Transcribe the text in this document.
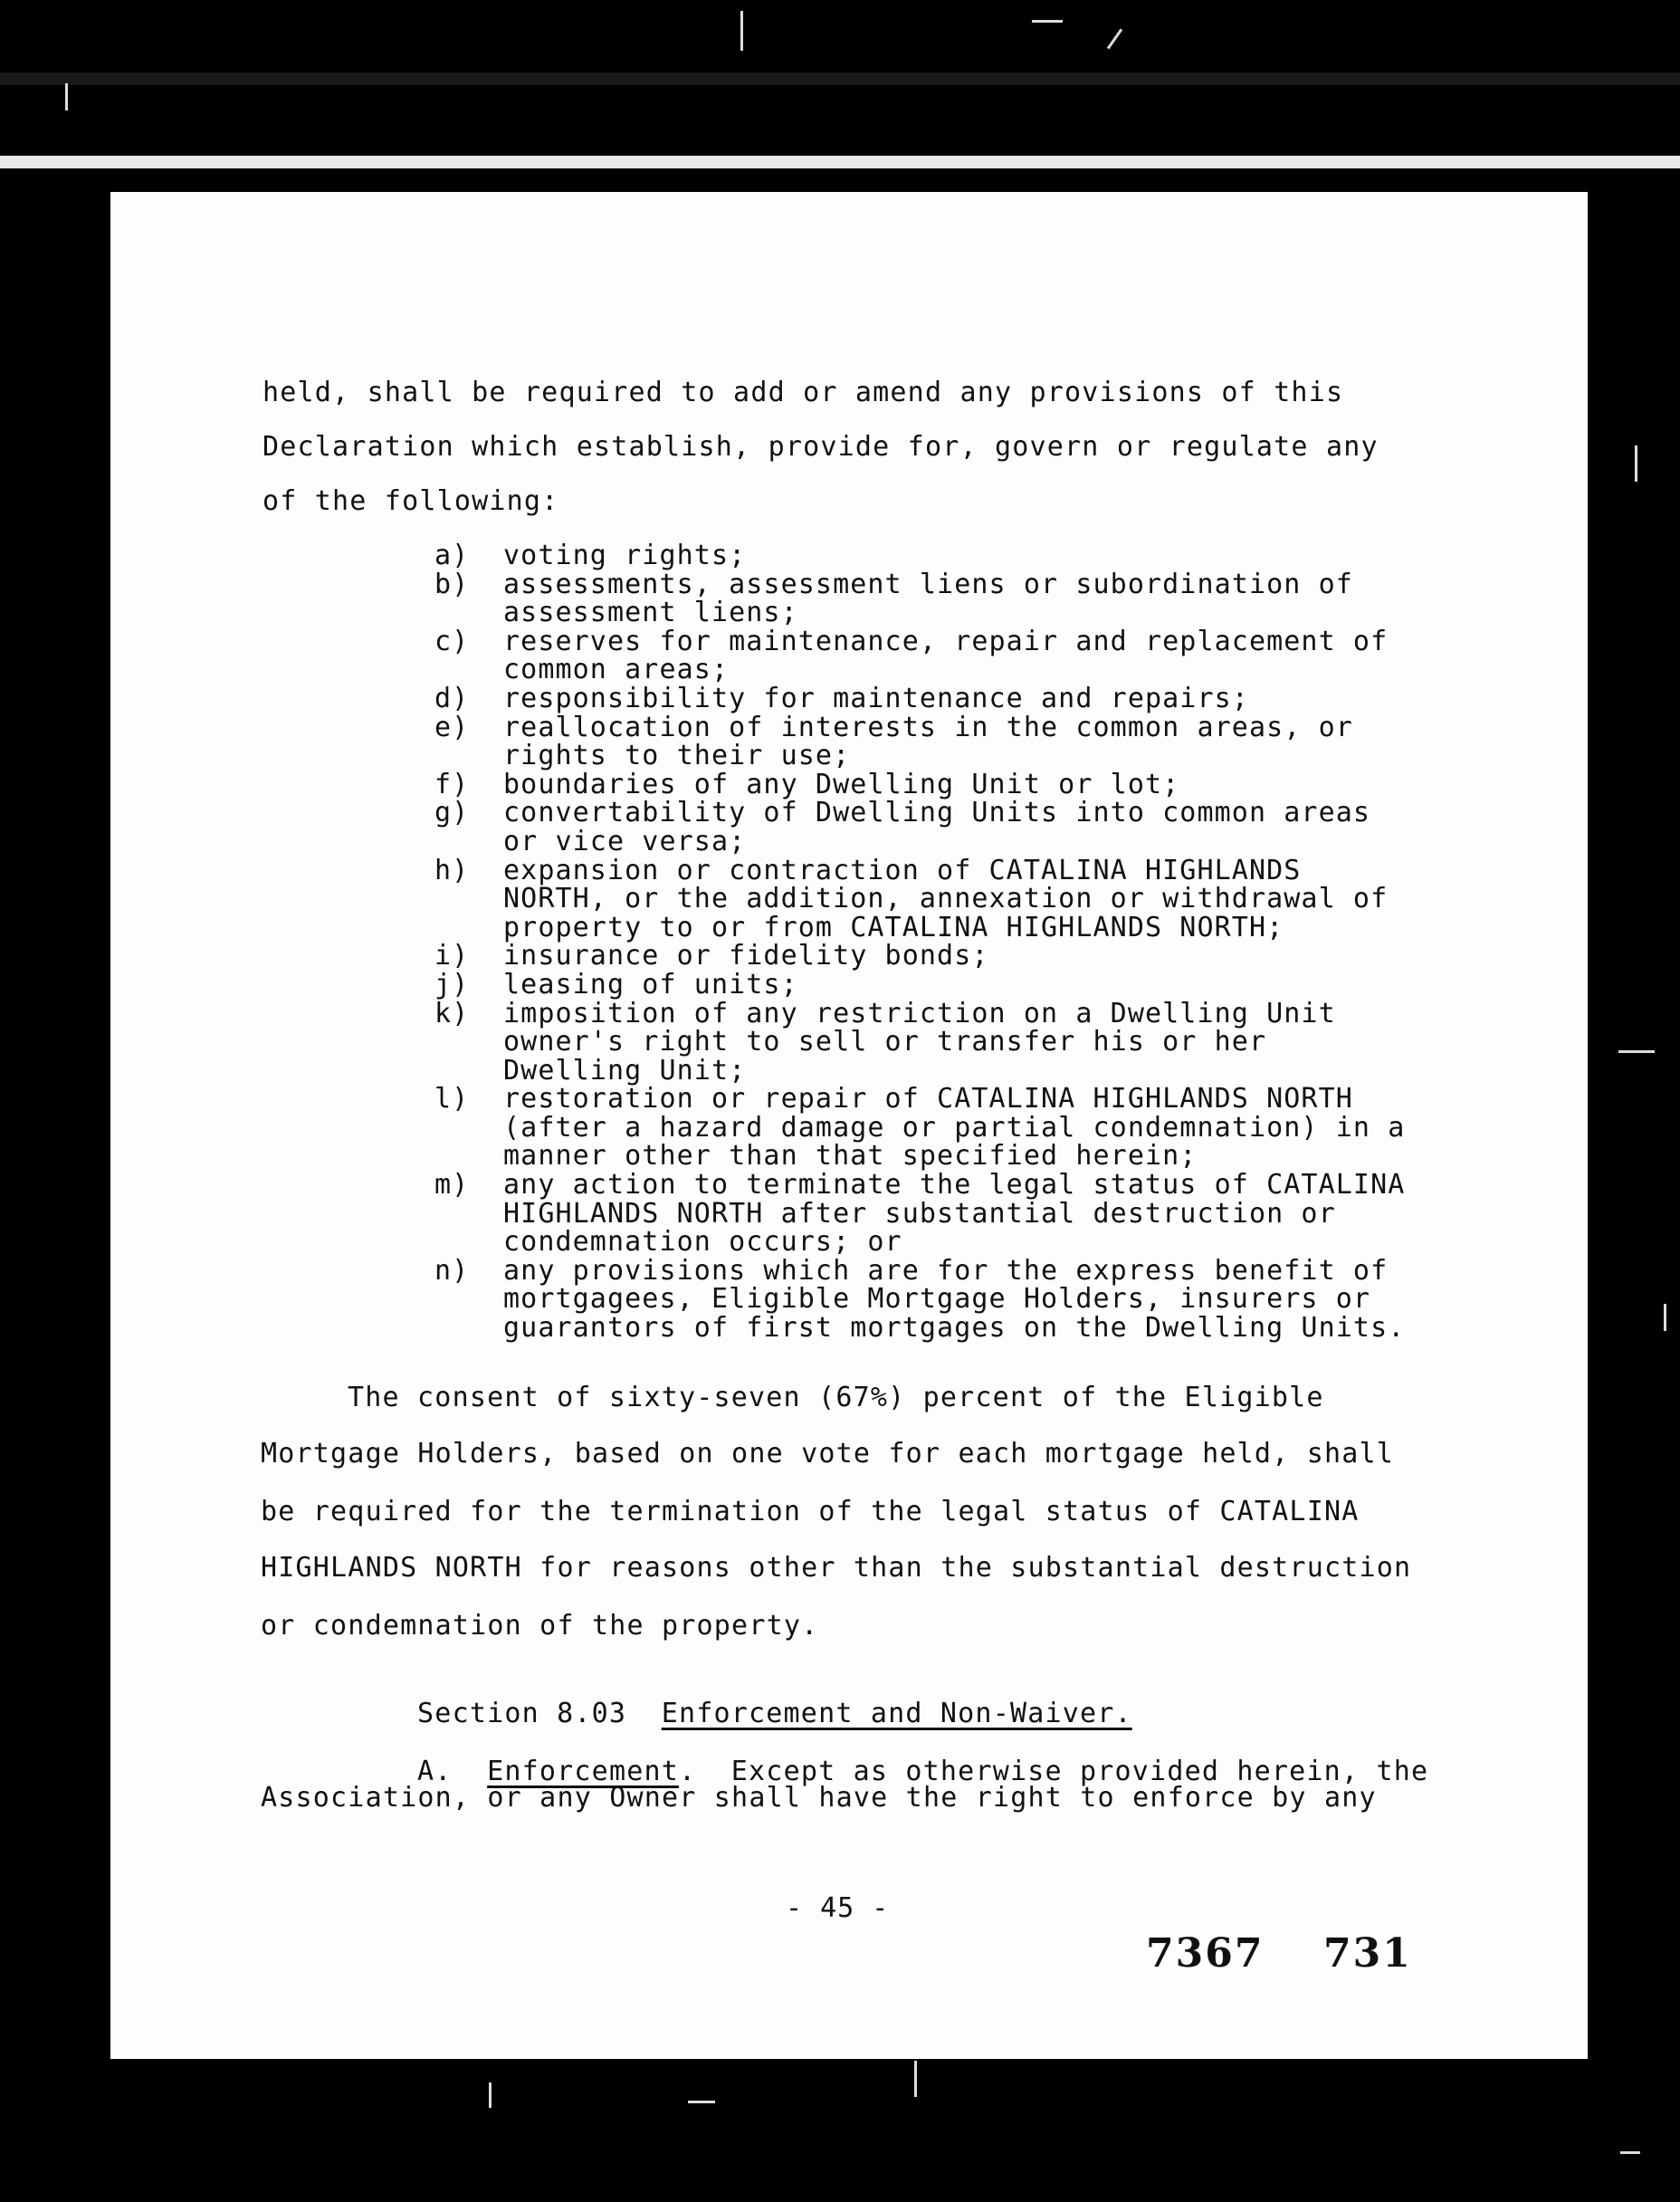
held, shall be required to add or amend any provisions of this
Declaration which establish, provide for, govern or regulate any
of the following:
a)	voting rights;
b)	assessments, assessment liens or subordination of
assessment liens;
c)	reserves for maintenance, repair and replacement of
common areas;
d)	responsibility for maintenance and repairs;
e)	reallocation of interests in the common areas, or
rights to their use;
f)	boundaries of any Dwelling Unit or lot;
g)	convertability of Dwelling Units into common areas
or vice versa;
h)	expansion or contraction of CATALINA HIGHLANDS
NORTH, or the addition, annexation or withdrawal of
property to or from CATALINA HIGHLANDS NORTH;
i)	insurance or fidelity bonds;
j)	leasing of units;
k)	imposition of any restriction on a Dwelling Unit
owner's right to sell or transfer his or her
Dwelling Unit;
l)	restoration or repair of CATALINA HIGHLANDS NORTH
(after a hazard damage or partial condemnation) in a
manner other than that specified herein;
m)	any action to terminate the legal status of CATALINA
HIGHLANDS NORTH after substantial destruction or
condemnation occurs; or
n)	any provisions which are for the express benefit of
mortgagees, Eligible Mortgage Holders, insurers or
guarantors of first mortgages on the Dwelling Units.
The consent of sixty-seven (67%) percent of the Eligible
Mortgage Holders, based on one vote for each mortgage held, shall
be required for the termination of the legal status of CATALINA
HIGHLANDS NORTH for reasons other than the substantial destruction
or condemnation of the property.

Section 8.03 Enforcement and Non-Waiver.

A. Enforcement.  Except as otherwise provided herein, the

Association, or any Owner shall have the right to enforce by any
- 45 -
7367 731
